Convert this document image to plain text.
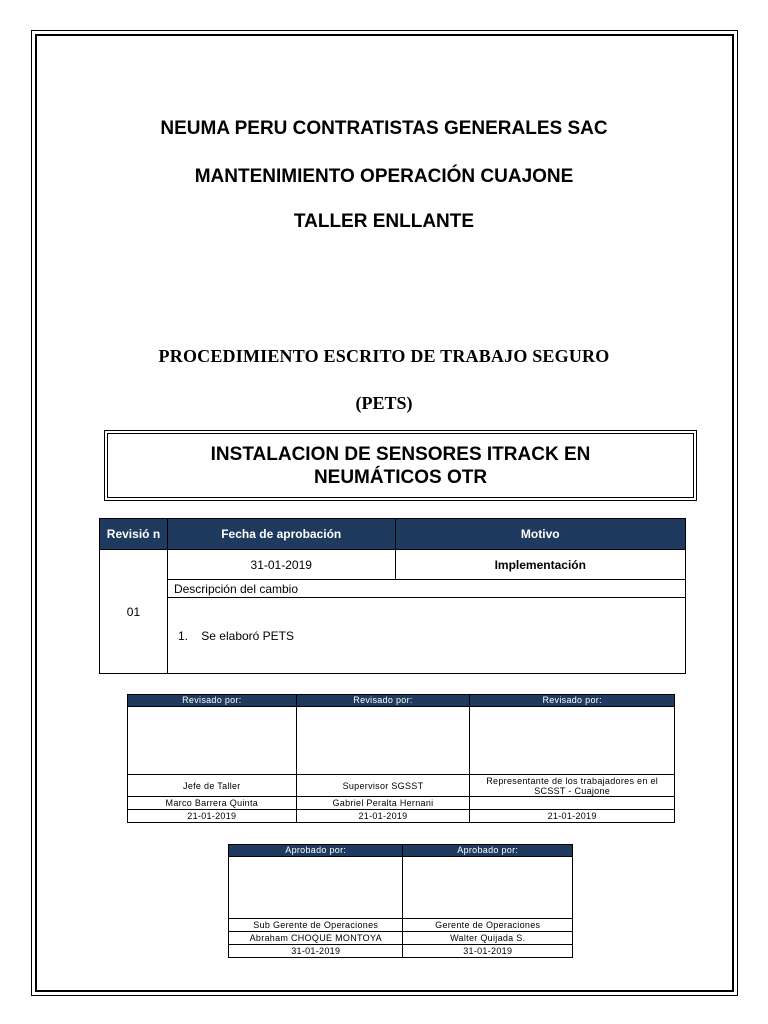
NEUMA PERU CONTRATISTAS GENERALES SAC
MANTENIMIENTO OPERACIÓN CUAJONE
TALLER ENLLANTE
PROCEDIMIENTO ESCRITO DE TRABAJO SEGURO
(PETS)
INSTALACION DE SENSORES ITRACK EN NEUMÁTICOS OTR
Revisió n	Fecha de aprobación	Motivo
01	31-01-2019	Implementación
	Descripción del cambio	
	1.    Se elaboró PETS	
Revisado por:	Revisado por:	Revisado por:

Jefe de Taller	Supervisor SGSST	Representante de los trabajadores en el SCSST - Cuajone
Marco Barrera Quinta	Gabriel Peralta Hernani	
21-01-2019	21-01-2019	21-01-2019
Aprobado por:	Aprobado por:

Sub Gerente de Operaciones	Gerente de Operaciones
Abraham CHOQUE MONTOYA	Walter Quijada S.
31-01-2019	31-01-2019
